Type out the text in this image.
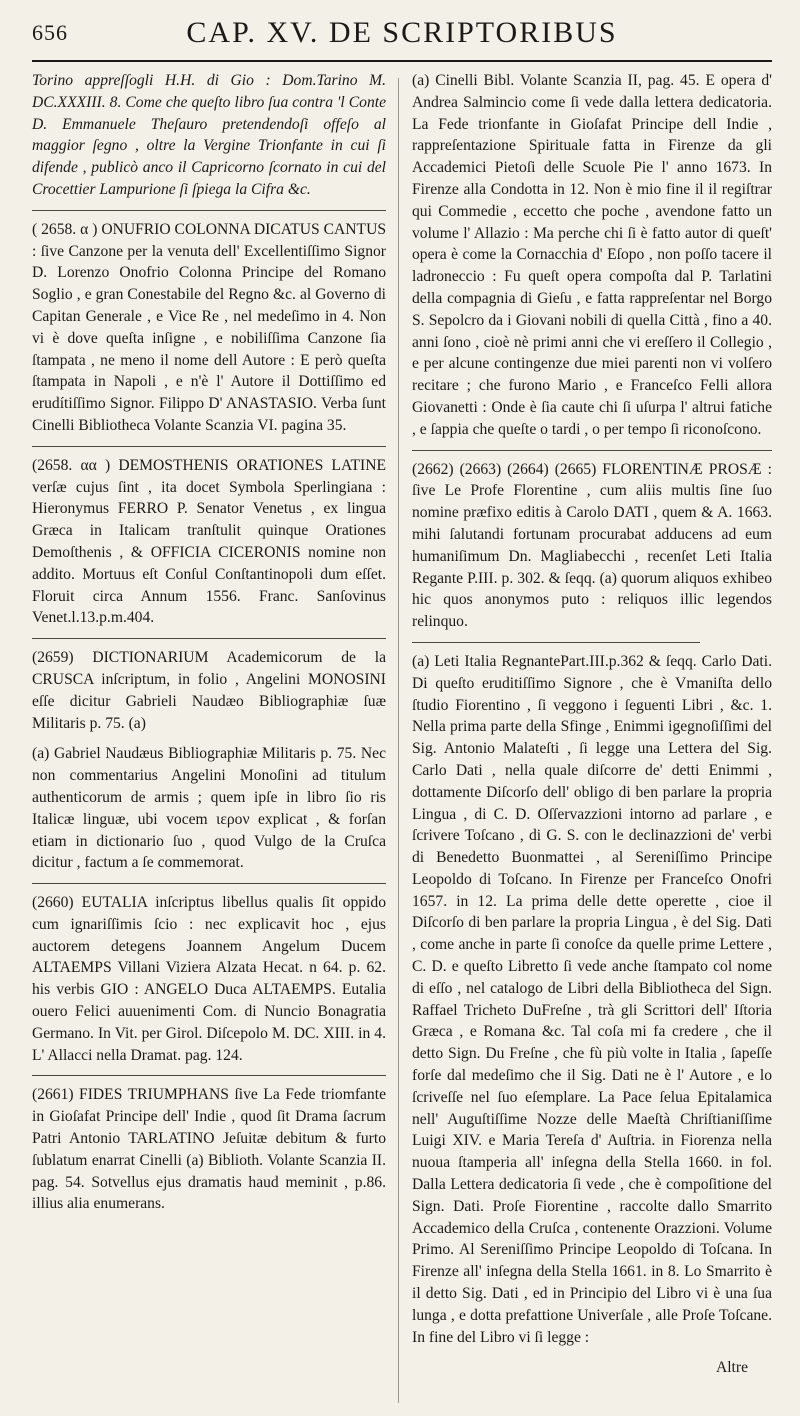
656	CAP. XV. DE SCRIPTORIBUS

Torino appreſſogli H.H. di Gio : Dom.Tarino M. DC.XXXIII. 8. Come che queſto libro ſua contra 'l Conte D. Emmanuele Theſauro pretendendoſi offeſo al maggior ſegno , oltre la Vergine Trionfante in cui ſi difende , publicò anco il Capricorno ſcornato in cui del Crocettier Lampurione ſi ſpiega la Cifra &c.

( 2658. α ) ONUFRIO COLONNA DICATUS CANTUS : ſive Canzone per la venuta dell' Excellentiſſimo Signor D. Lorenzo Onofrio Colonna Principe del Romano Soglio , e gran Conestabile del Regno &c. al Governo di Capitan Generale , e Vice Re , nel medeſimo in 4. Non vi è dove queſta inſigne , e nobiliſſima Canzone ſia ſtampata , ne meno il nome dell Autore : E però queſta ſtampata in Napoli , e n'è l' Autore il Dottiſſimo ed erudítiſſimo Signor. Filippo D' ANASTASIO. Verba ſunt Cinelli Bibliotheca Volante Scanzia VI. pagina 35.

(2658. αα ) DEMOSTHENIS ORATIONES LATINE verſæ cujus ſint , ita docet Symbola Sperlingiana : Hieronymus FERRO P. Senator Venetus , ex lingua Græca in Italicam tranſtulit quinque Orationes Demoſthenis , & OFFICIA CICERONIS nomine non addito. Mortuus eſt Conſul Conſtantinopoli dum eſſet. Floruit circa Annum 1556. Franc. Sanſovinus Venet.l.13.p.m.404.

(2659) DICTIONARIUM Academicorum de la CRUSCA inſcriptum, in folio , Angelini MONOSINI eſſe dicitur Gabrieli Naudæo Bibliographiæ ſuæ Militaris p. 75. (a)

(a) Gabriel Naudæus Bibliographiæ Militaris p. 75. Nec non commentarius Angelini Monoſini ad titulum authenticorum de armis ; quem ipſe in libro ſio ris Italicæ linguæ, ubi vocem ιερον explicat , & forſan etiam in dictionario ſuo , quod Vulgo de la Cruſca dicitur , factum a ſe commemorat.

(2660) EUTALIA inſcriptus libellus qualis ſit oppido cum ignariſſimis ſcio : nec explicavit hoc , ejus auctorem detegens Joannem Angelum Ducem ALTAEMPS Villani Viziera Alzata Hecat. n 64. p. 62. his verbis GIO : ANGELO Duca ALTAEMPS. Eutalia ouero Felici auuenimenti Com. di Nuncio Bonagratia Germano. In Vit. per Girol. Diſcepolo M. DC. XIII. in 4. L' Allacci nella Dramat. pag. 124.

(2661) FIDES TRIUMPHANS ſive La Fede triomfante in Gioſafat Principe dell' Indie , quod ſit Drama ſacrum Patri Antonio TARLATINO Jeſuitæ debitum & furto ſublatum enarrat Cinelli (a) Biblioth. Volante Scanzia II. pag. 54. Sotvellus ejus dramatis haud meminit , p.86. illius alia enumerans.

(a) Cinelli Bibl. Volante Scanzia II, pag. 45. E opera d' Andrea Salmincio come ſi vede dalla lettera dedicatoria. La Fede trionfante in Gioſafat Principe dell Indie , rappreſentazione Spirituale fatta in Firenze da gli Accademici Pietoſi delle Scuole Pie l' anno 1673. In Firenze alla Condotta in 12. Non è mio fine il il regiſtrar qui Commedie , eccetto che poche , avendone fatto un volume l' Allazio : Ma perche chi ſi è fatto autor di queſt' opera è come la Cornacchia d' Eſopo , non poſſo tacere il ladroneccio : Fu queſt opera compoſta dal P. Tarlatini della compagnia di Gieſu , e fatta rappreſentar nel Borgo S. Sepolcro da i Giovani nobili di quella Città , fino a 40. anni ſono , cioè nè primi anni che vi ereſſero il Collegio , e per alcune contingenze due miei parenti non vi volſero recitare ; che furono Mario , e Franceſco Felli allora Giovanetti : Onde è ſia caute chi ſi uſurpa l' altrui fatiche , e ſappia che queſte o tardi , o per tempo ſi riconoſcono.

(2662) (2663) (2664) (2665) FLORENTINÆ PROSÆ : ſive Le Profe Florentine , cum aliis multis ſine ſuo nomine præfixo editis à Carolo DATI , quem & A. 1663. mihi ſalutandi fortunam procurabat adducens ad eum humaniſimum Dn. Magliabecchi , recenſet Leti Italia Regante P.III. p. 302. & ſeqq. (a) quorum aliquos exhibeo hic quos anonymos puto : reliquos illic legendos relinquo.

(a) Leti Italia RegnantePart.III.p.362 & ſeqq. Carlo Dati. Di queſto eruditiſſimo Signore , che è Vmaniſta dello ſtudio Fiorentino , ſi veggono i ſeguenti Libri , &c. 1. Nella prima parte della Sfinge , Enimmi igegnoſiſſimi del Sig. Antonio Malateſti , ſi legge una Lettera del Sig. Carlo Dati , nella quale diſcorre de' detti Enimmi , dottamente Diſcorſo dell' obligo di ben parlare la propria Lingua , di C. D. Oſſervazzioni intorno ad parlare , e ſcrivere Toſcano , di G. S. con le declinazzioni de' verbi di Benedetto Buonmattei , al Sereniſſimo Principe Leopoldo di Toſcano. In Firenze per Franceſco Onofri 1657. in 12. La prima delle dette operette , cioe il Diſcorſo di ben parlare la propria Lingua , è del Sig. Dati , come anche in parte ſi conoſce da quelle prime Lettere , C. D. e queſto Libretto ſi vede anche ſtampato col nome di eſſo , nel catalogo de Libri della Bibliotheca del Sign. Raffael Tricheto DuFreſne , trà gli Scrittori dell' Iſtoria Græca , e Romana &c. Tal coſa mi fa credere , che il detto Sign. Du Freſne , che fù più volte in Italia , ſapeſſe forſe dal medeſimo che il Sig. Dati ne è l' Autore , e lo ſcriveſſe nel ſuo eſemplare. La Pace ſelua Epitalamica nell' Auguſtiſſime Nozze delle Maeſtà Chriſtianiſſime Luigi XIV. e Maria Tereſa d' Auſtria. in Fiorenza nella nuoua ſtamperia all' inſegna della Stella 1660. in fol. Dalla Lettera dedicatoria ſi vede , che è compoſitione del Sign. Dati. Proſe Fiorentine , raccolte dallo Smarrito Accademico della Cruſca , contenente Orazzioni. Volume Primo. Al Sereniſſimo Principe Leopoldo di Toſcana. In Firenze all' inſegna della Stella 1661. in 8. Lo Smarrito è il detto Sig. Dati , ed in Principio del Libro vi è una ſua lunga , e dotta prefattione Univerſale , alle Proſe Toſcane. In fine del Libro vi ſi legge :

Altre
